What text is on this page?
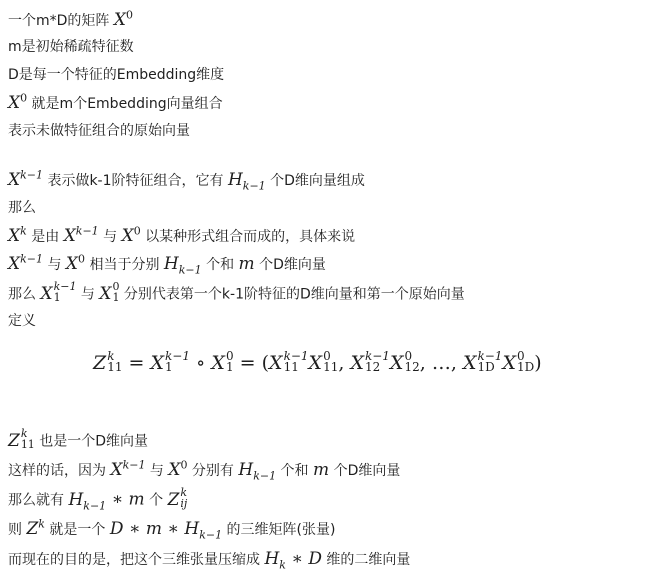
一个m*D的矩阵 $X^0$
m是初始稀疏特征数
D是每一个特征的Embedding维度
$X^0$ 就是m个Embedding向量组合
表示未做特征组合的原始向量
$X^{k-1}$ 表示做k-1阶特征组合，它有 $H_{k-1}$ 个D维向量组成
那么
$X^k$ 是由 $X^{k-1}$ 与 $X^0$ 以某种形式组合而成的，具体来说
$X^{k-1}$ 与 $X^0$ 相当于分别 $H_{k-1}$ 个和 m 个D维向量
那么 X k−1
1	与 X 0
1 分别代表第一个k-1阶特征的D维向量和第一个原始向量
定义
Z k
11 也是一个D维向量
这样的话，因为 $X^{k-1}$ 与 $X^0$ 分别有 $H_{k-1}$ 个和 m 个D维向量
那么就有 $H_{k-1}$ ∗ m 个 Z k
ij
则 $Z^k$ 就是一个 D ∗ m ∗ $H_{k-1}$ 的三维矩阵(张量)
而现在的目的是，把这个三维张量压缩成 $H_k$ ∗ D 维的二维向量
Z k
11 = X k−1
1	∘ X 0
1 = (X k−1
11 X 0
11 , X k−1
12 X 0
12 , …, X k−1
1D X 0
1D )
